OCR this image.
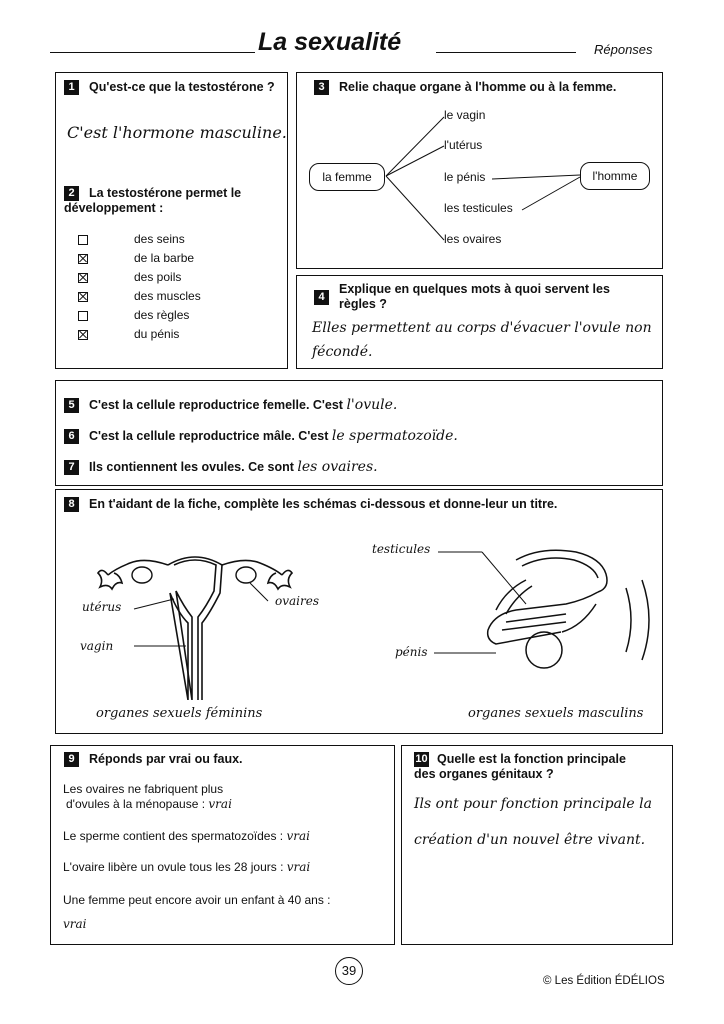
La sexualité	Réponses
1 Qu'est-ce que la testostérone ?
C'est l'hormone masculine.
2 La testostérone permet le développement :
des seins
de la barbe
des poils
des muscles
des règles
du pénis
3 Relie chaque organe à l'homme ou à la femme.
la femme	l'homme
le vagin
l'utérus
le pénis
les testicules
les ovaires
4
Explique en quelques mots à quoi servent les règles ?
Elles permettent au corps d'évacuer l'ovule non
fécondé.
5 C'est la cellule reproductrice femelle. C'est l'ovule.
6 C'est la cellule reproductrice mâle. C'est le spermatozoïde.
7 Ils contiennent les ovules. Ce sont les ovaires.
8 En t'aidant de la fiche, complète les schémas ci-dessous et donne-leur un titre.
utérus	ovaires
vagin
organes sexuels féminins
testicules
pénis
organes sexuels masculins
9 Réponds par vrai ou faux.
Les ovaires ne fabriquent plus
d'ovules à la ménopause : vrai
Le sperme contient des spermatozoïdes : vrai
L'ovaire libère un ovule tous les 28 jours : vrai
Une femme peut encore avoir un enfant à 40 ans :
vrai
10 Quelle est la fonction principale
des organes génitaux ?
Ils ont pour fonction principale la
création d'un nouvel être vivant.
39
© Les Édition ÉDÉLIOS
